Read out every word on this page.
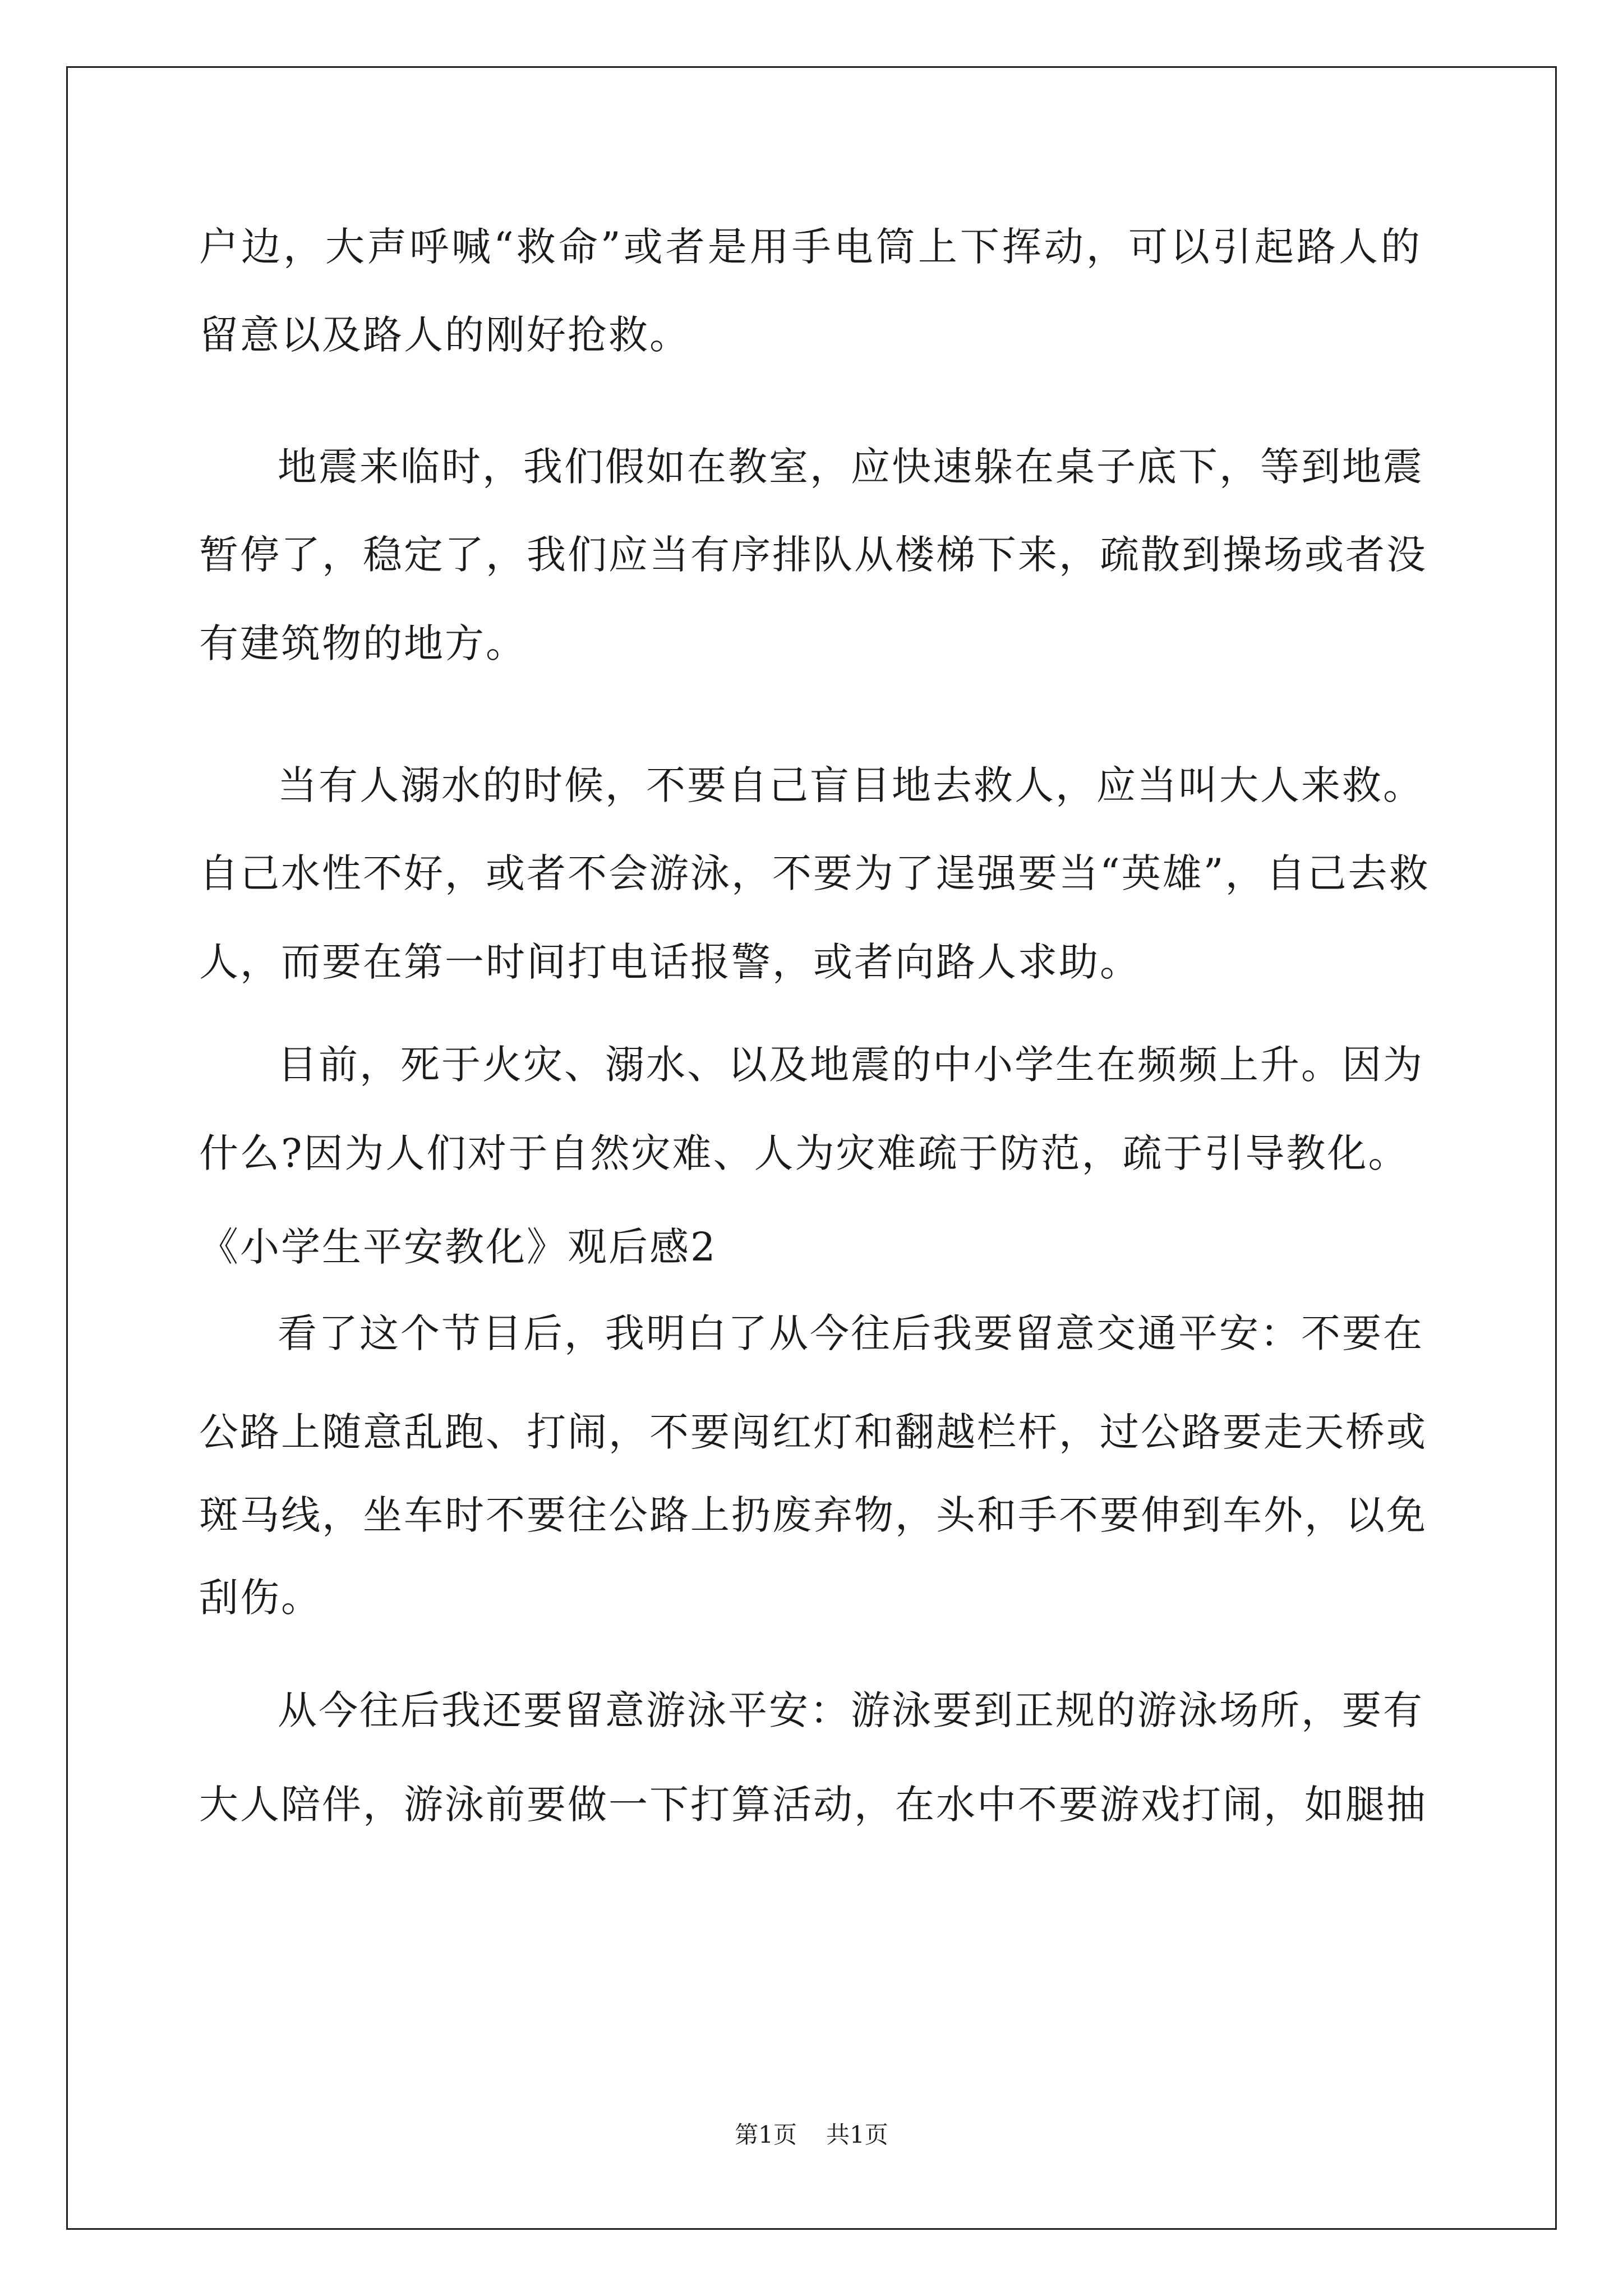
户边，大声呼喊“救命”或者是用手电筒上下挥动，可以引起路人的
留意以及路人的刚好抢救。
地震来临时，我们假如在教室，应快速躲在桌子底下，等到地震
暂停了，稳定了，我们应当有序排队从楼梯下来，疏散到操场或者没
有建筑物的地方。
当有人溺水的时候，不要自己盲目地去救人，应当叫大人来救。
自己水性不好，或者不会游泳，不要为了逞强要当“英雄”，自己去救
人，而要在第一时间打电话报警，或者向路人求助。
目前，死于火灾、溺水、以及地震的中小学生在频频上升。因为
什么?因为人们对于自然灾难、人为灾难疏于防范，疏于引导教化。
《小学生平安教化》观后感2
看了这个节目后，我明白了从今往后我要留意交通平安：不要在
公路上随意乱跑、打闹，不要闯红灯和翻越栏杆，过公路要走天桥或
斑马线，坐车时不要往公路上扔废弃物，头和手不要伸到车外，以免
刮伤。
从今往后我还要留意游泳平安：游泳要到正规的游泳场所，要有
大人陪伴，游泳前要做一下打算活动，在水中不要游戏打闹，如腿抽
第1页 共1页
